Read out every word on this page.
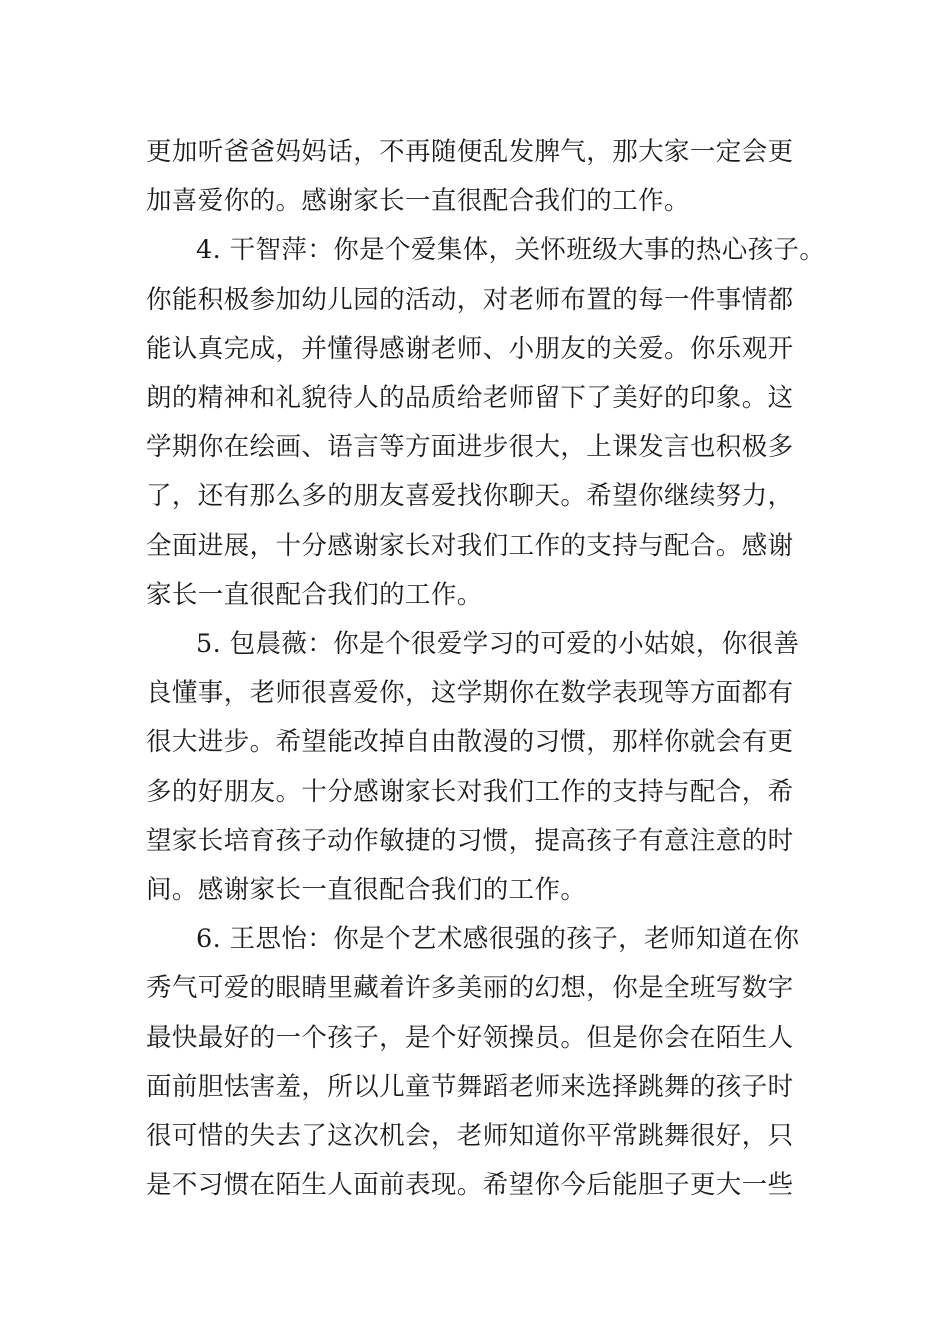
更加听爸爸妈妈话，不再随便乱发脾气，那大家一定会更
加喜爱你的。感谢家长一直很配合我们的工作。
4. 干智萍：你是个爱集体，关怀班级大事的热心孩子。
你能积极参加幼儿园的活动，对老师布置的每一件事情都
能认真完成，并懂得感谢老师、小朋友的关爱。你乐观开
朗的精神和礼貌待人的品质给老师留下了美好的印象。这
学期你在绘画、语言等方面进步很大，上课发言也积极多
了，还有那么多的朋友喜爱找你聊天。希望你继续努力，
全面进展，十分感谢家长对我们工作的支持与配合。感谢
家长一直很配合我们的工作。
5. 包晨薇：你是个很爱学习的可爱的小姑娘，你很善
良懂事，老师很喜爱你，这学期你在数学表现等方面都有
很大进步。希望能改掉自由散漫的习惯，那样你就会有更
多的好朋友。十分感谢家长对我们工作的支持与配合，希
望家长培育孩子动作敏捷的习惯，提高孩子有意注意的时
间。感谢家长一直很配合我们的工作。
6. 王思怡：你是个艺术感很强的孩子，老师知道在你
秀气可爱的眼睛里藏着许多美丽的幻想，你是全班写数字
最快最好的一个孩子，是个好领操员。但是你会在陌生人
面前胆怯害羞，所以儿童节舞蹈老师来选择跳舞的孩子时
很可惜的失去了这次机会，老师知道你平常跳舞很好，只
是不习惯在陌生人面前表现。希望你今后能胆子更大一些
